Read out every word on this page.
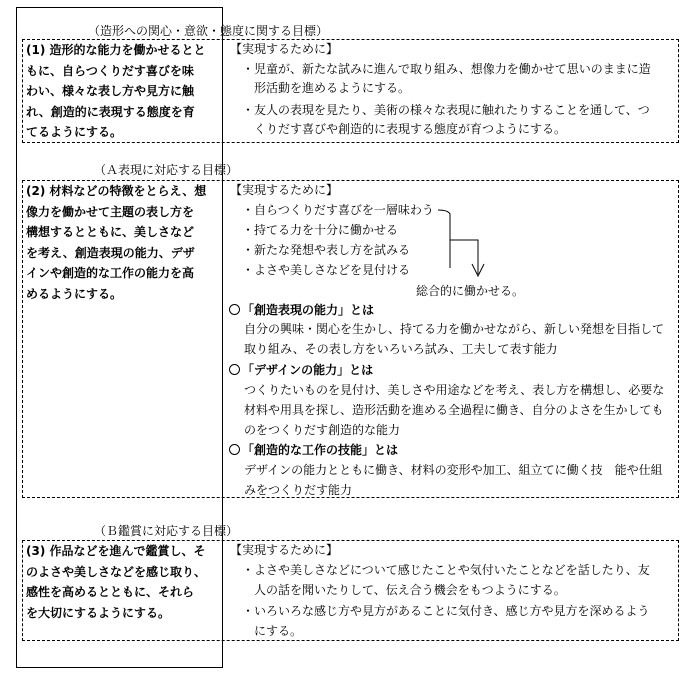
（造形への関心・意欲・態度に関する目標）
(1) 造形的な能力を働かせるとと
もに、自らつくりだす喜びを味
わい、様々な表し方や見方に触
れ、創造的に表現する態度を育
てるようにする。
【実現するために】
・児童が、新たな試みに進んで取り組み、想像力を働かせて思いのままに造
形活動を進めるようにする。
・友人の表現を見たり、美術の様々な表現に触れたりすることを通して、つ
くりだす喜びや創造的に表現する態度が育つようにする。
（Ａ表現に対応する目標）
(2) 材料などの特徴をとらえ、想
像力を働かせて主題の表し方を
構想するとともに、美しさなど
を考え、創造表現の能力、デザ
インや創造的な工作の能力を高
めるようにする。
【実現するために】
・自らつくりだす喜びを一層味わう
・持てる力を十分に働かせる
・新たな発想や表し方を試みる
・よさや美しさなどを見付ける
総合的に働かせる。
「創造表現の能力」とは
自分の興味・関心を生かし、持てる力を働かせながら、新しい発想を目指して
取り組み、その表し方をいろいろ試み、工夫して表す能力
「デザインの能力」とは
つくりたいものを見付け、美しさや用途などを考え、表し方を構想し、必要な
材料や用具を探し、造形活動を進める全過程に働き、自分のよさを生かしても
のをつくりだす創造的な能力
「創造的な工作の技能」とは
デザインの能力とともに働き、材料の変形や加工、組立てに働く技　能や仕組
みをつくりだす能力
（Ｂ鑑賞に対応する目標）
(3) 作品などを進んで鑑賞し、そ
のよさや美しさなどを感じ取り、
感性を高めるとともに、それら
を大切にするようにする。
【実現するために】
・よさや美しさなどについて感じたことや気付いたことなどを話したり、友
人の話を聞いたりして、伝え合う機会をもつようにする。
・いろいろな感じ方や見方があることに気付き、感じ方や見方を深めるよう
にする。
